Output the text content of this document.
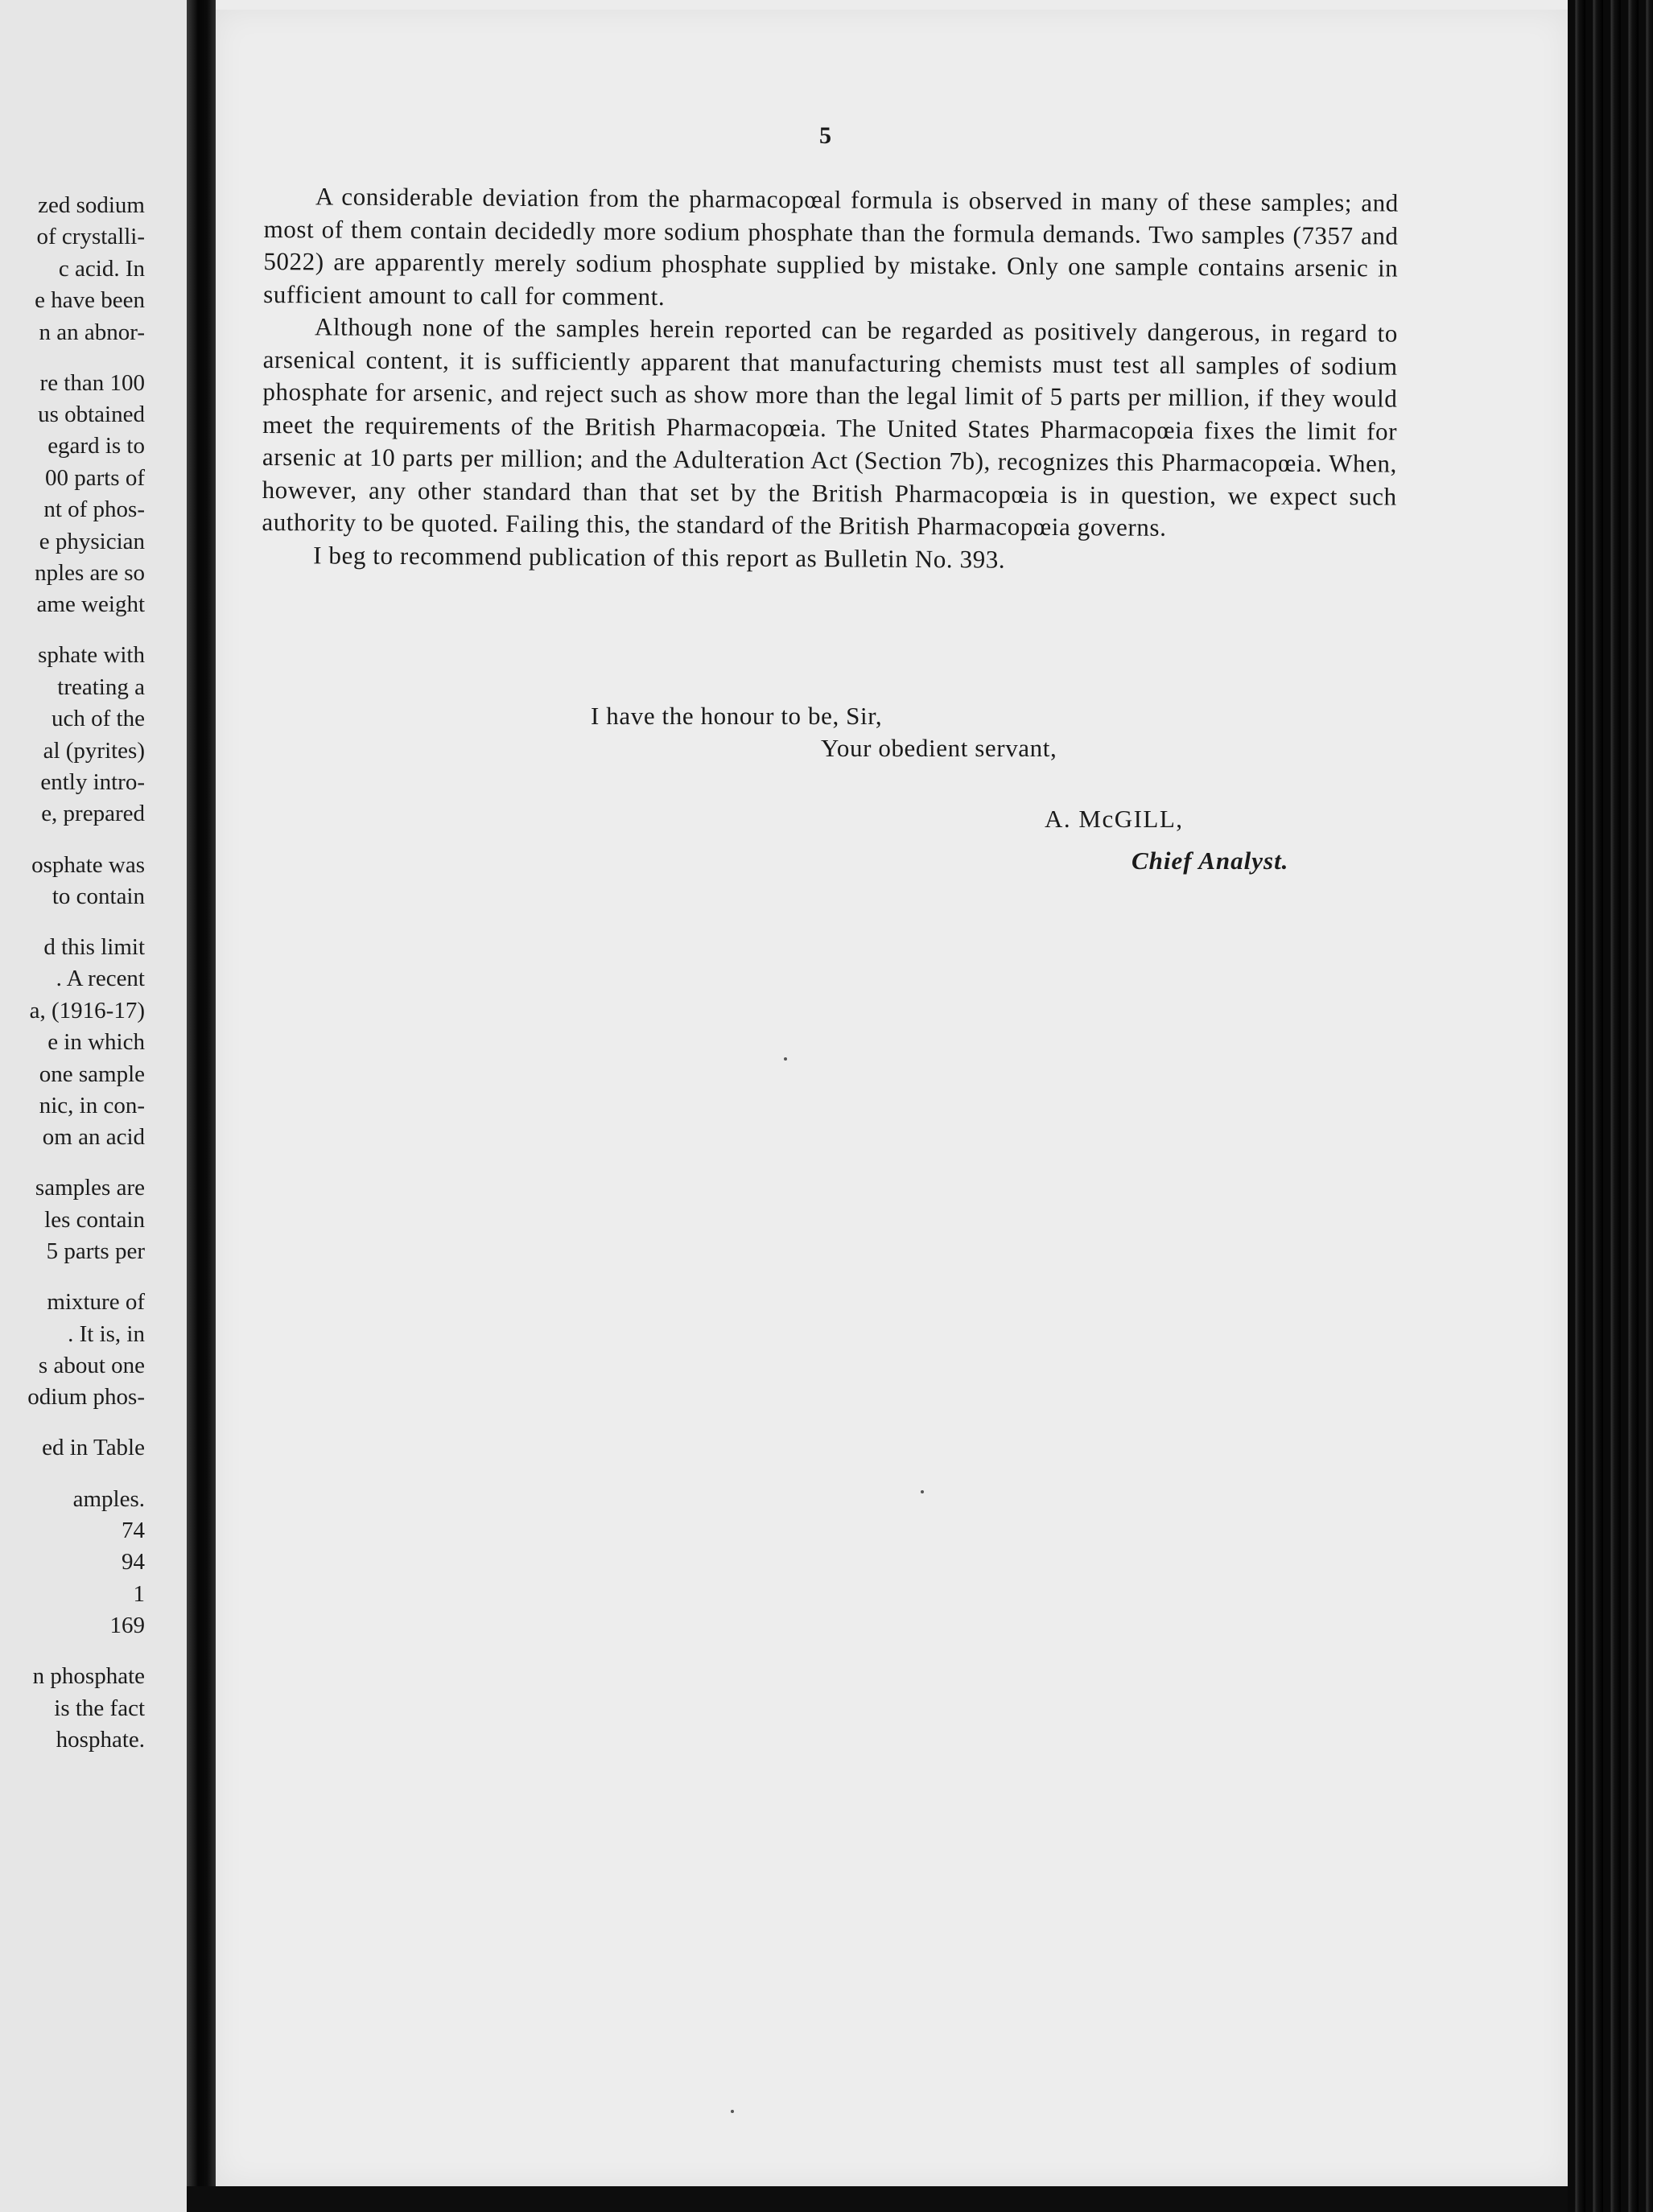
zed sodium
of crystalli-
c acid. In
e have been
n an abnor-
re than 100
us obtained
egard is to
00 parts of
nt of phos-
e physician
nples are so
ame weight
sphate with
treating a
uch of the
al (pyrites)
ently intro-
e, prepared
osphate was
to contain
d this limit
. A recent
a, (1916-17)
e in which
one sample
nic, in con-
om an acid
samples are
les contain
5 parts per
mixture of
. It is, in
s about one
odium phos-
ed in Table
amples.
74
94
1
169
n phosphate
is the fact
hosphate.
5

A considerable deviation from the pharmacopœal formula is observed in many of these samples; and most of them contain decidedly more sodium phosphate than the formula demands. Two samples (7357 and 5022) are apparently merely sodium phosphate supplied by mistake. Only one sample contains arsenic in sufficient amount to call for comment.

Although none of the samples herein reported can be regarded as positively dangerous, in regard to arsenical content, it is sufficiently apparent that manufacturing chemists must test all samples of sodium phosphate for arsenic, and reject such as show more than the legal limit of 5 parts per million, if they would meet the requirements of the British Pharmacopœia. The United States Pharmacopœia fixes the limit for arsenic at 10 parts per million; and the Adulteration Act (Section 7b), recognizes this Pharmacopœia. When, however, any other standard than that set by the British Pharmacopœia is in question, we expect such authority to be quoted. Failing this, the standard of the British Pharmacopœia governs.

I beg to recommend publication of this report as Bulletin No. 393.

I have the honour to be, Sir,
Your obedient servant,
A. McGILL,
Chief Analyst.
